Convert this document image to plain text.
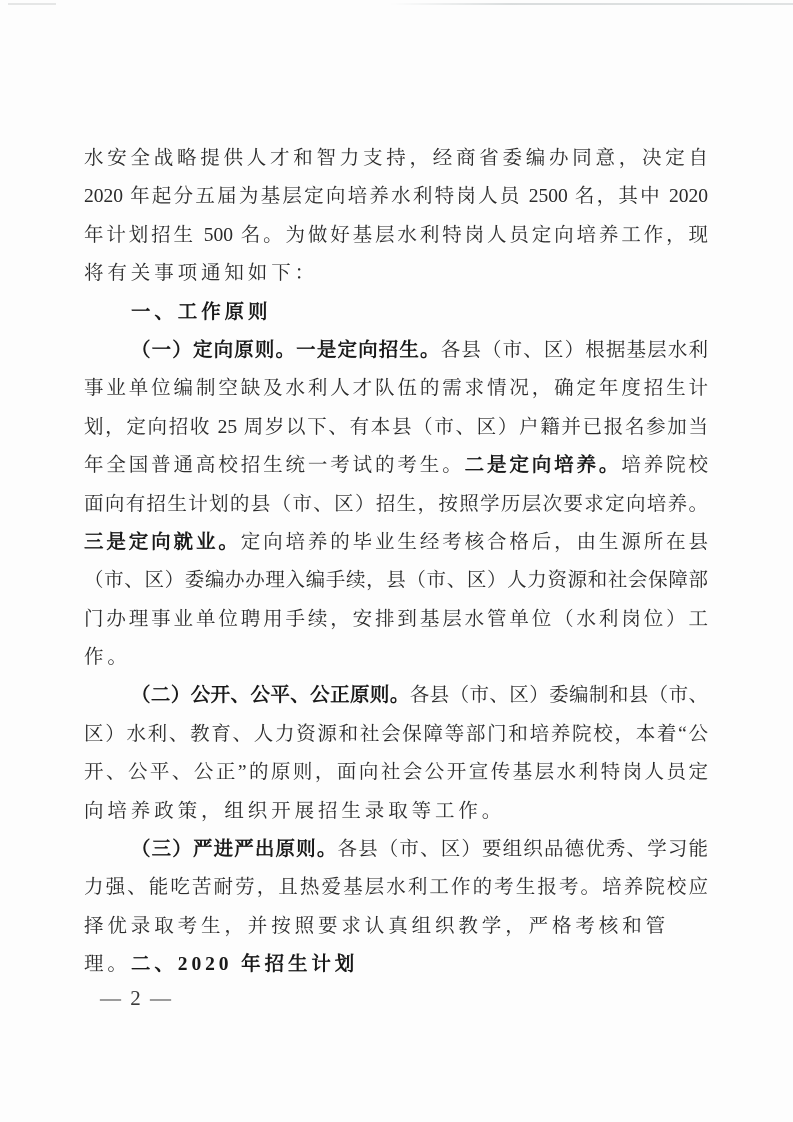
水安全战略提供人才和智力支持，经商省委编办同意，决定自
2020 年起分五届为基层定向培养水利特岗人员 2500 名，其中 2020
年计划招生 500 名。为做好基层水利特岗人员定向培养工作，现
将有关事项通知如下：
一、工作原则
（一）定向原则。一是定向招生。各县（市、区）根据基层水利
事业单位编制空缺及水利人才队伍的需求情况，确定年度招生计
划，定向招收 25 周岁以下、有本县（市、区）户籍并已报名参加当
年全国普通高校招生统一考试的考生。二是定向培养。培养院校
面向有招生计划的县（市、区）招生，按照学历层次要求定向培养。
三是定向就业。定向培养的毕业生经考核合格后，由生源所在县
（市、区）委编办办理入编手续，县（市、区）人力资源和社会保障部
门办理事业单位聘用手续，安排到基层水管单位（水利岗位）工
作。
（二）公开、公平、公正原则。各县（市、区）委编制和县（市、
区）水利、教育、人力资源和社会保障等部门和培养院校，本着“公
开、公平、公正”的原则，面向社会公开宣传基层水利特岗人员定
向培养政策，组织开展招生录取等工作。
（三）严进严出原则。各县（市、区）要组织品德优秀、学习能
力强、能吃苦耐劳，且热爱基层水利工作的考生报考。培养院校应
择优录取考生，并按照要求认真组织教学，严格考核和管理。 二、2020 年招生计划
— 2 —
